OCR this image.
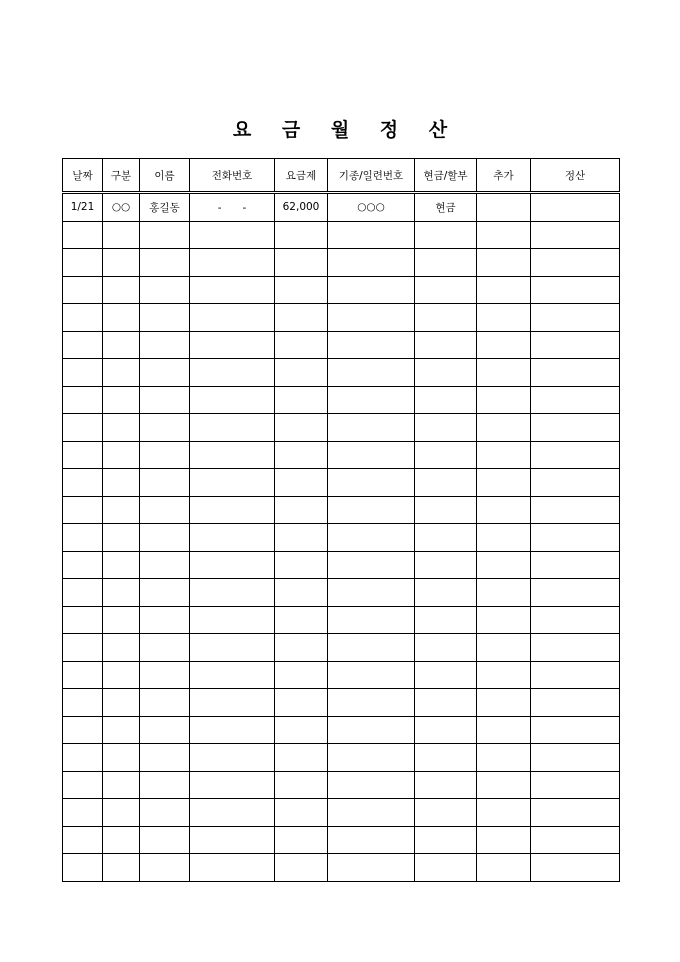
요 금 월 정 산
날짜	구분	이름	전화번호	요금제	기종/일련번호	현금/할부	추가	정산
1/21	○○	홍길동	-　　-	62,000	○○○	현금		
